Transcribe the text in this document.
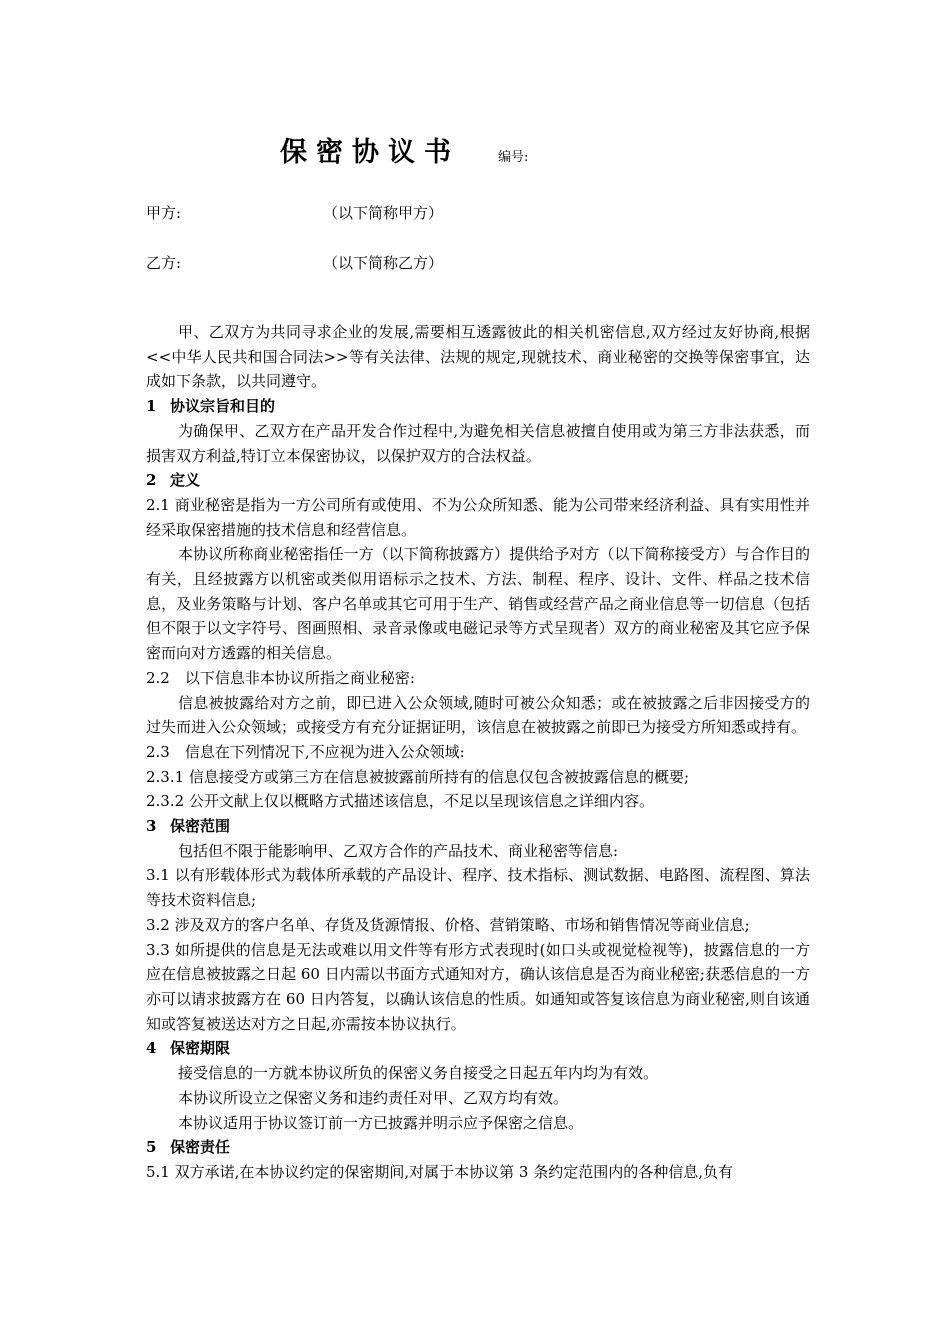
保密协议书	编号:
甲方:	（以下简称甲方）
乙方:	（以下简称乙方）

甲、乙双方为共同寻求企业的发展,需要相互透露彼此的相关机密信息,双方经过友好协商,根据<<中华人民共和国合同法>>等有关法律、法规的规定,现就技术、商业秘密的交换等保密事宜，达成如下条款，以共同遵守。

1 协议宗旨和目的

为确保甲、乙双方在产品开发合作过程中,为避免相关信息被擅自使用或为第三方非法获悉，而损害双方利益,特订立本保密协议，以保护双方的合法权益。

2 定义

2.1 商业秘密是指为一方公司所有或使用、不为公众所知悉、能为公司带来经济利益、具有实用性并经采取保密措施的技术信息和经营信息。

本协议所称商业秘密指任一方（以下简称披露方）提供给予对方（以下简称接受方）与合作目的有关，且经披露方以机密或类似用语标示之技术、方法、制程、程序、设计、文件、样品之技术信息，及业务策略与计划、客户名单或其它可用于生产、销售或经营产品之商业信息等一切信息（包括但不限于以文字符号、图画照相、录音录像或电磁记录等方式呈现者）双方的商业秘密及其它应予保密而向对方透露的相关信息。

2.2　以下信息非本协议所指之商业秘密:

信息被披露给对方之前，即已进入公众领域,随时可被公众知悉；或在被披露之后非因接受方的过失而进入公众领域；或接受方有充分证据证明，该信息在被披露之前即已为接受方所知悉或持有。

2.3　信息在下列情况下,不应视为进入公众领域:

2.3.1 信息接受方或第三方在信息被披露前所持有的信息仅包含被披露信息的概要;

2.3.2 公开文献上仅以概略方式描述该信息，不足以呈现该信息之详细内容。

3 保密范围

包括但不限于能影响甲、乙双方合作的产品技术、商业秘密等信息:

3.1 以有形载体形式为载体所承载的产品设计、程序、技术指标、测试数据、电路图、流程图、算法等技术资料信息;

3.2 涉及双方的客户名单、存货及货源情报、价格、营销策略、市场和销售情况等商业信息;

3.3 如所提供的信息是无法或难以用文件等有形方式表现时(如口头或视觉检视等)，披露信息的一方应在信息被披露之日起 60 日内需以书面方式通知对方，确认该信息是否为商业秘密;获悉信息的一方亦可以请求披露方在 60 日内答复，以确认该信息的性质。如通知或答复该信息为商业秘密,则自该通知或答复被送达对方之日起,亦需按本协议执行。

4 保密期限

接受信息的一方就本协议所负的保密义务自接受之日起五年内均为有效。

本协议所设立之保密义务和违约责任对甲、乙双方均有效。

本协议适用于协议签订前一方已披露并明示应予保密之信息。

5 保密责任

5.1 双方承诺,在本协议约定的保密期间,对属于本协议第 3 条约定范围内的各种信息,负有
